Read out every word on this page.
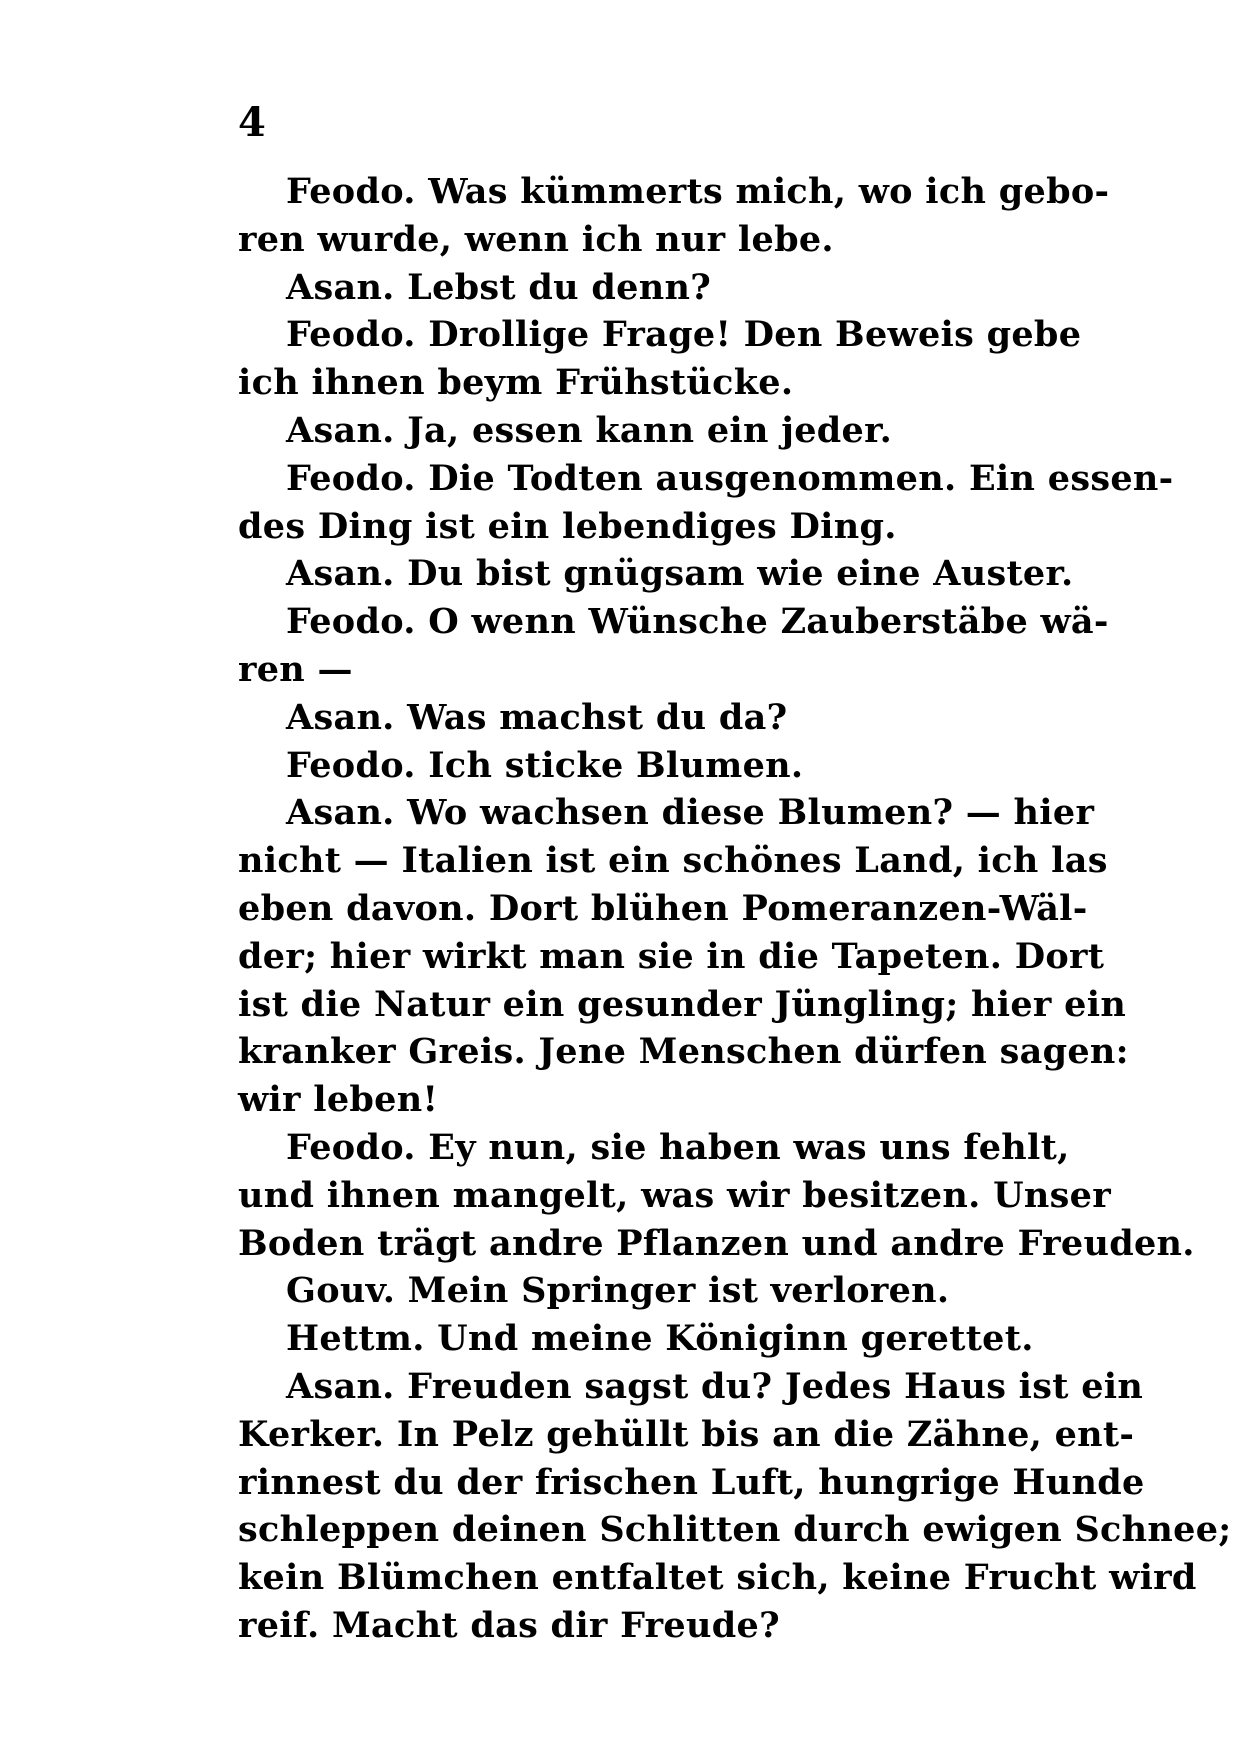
4
Feodo. Was kümmerts mich, wo ich gebo-
ren wurde, wenn ich nur lebe.
Asan. Lebst du denn?
Feodo. Drollige Frage! Den Beweis gebe
ich ihnen beym Frühstücke.
Asan. Ja, essen kann ein jeder.
Feodo. Die Todten ausgenommen. Ein essen-
des Ding ist ein lebendiges Ding.
Asan. Du bist gnügsam wie eine Auster.
Feodo. O wenn Wünsche Zauberstäbe wä-
ren —
Asan. Was machst du da?
Feodo. Ich sticke Blumen.
Asan. Wo wachsen diese Blumen? — hier
nicht — Italien ist ein schönes Land, ich las
eben davon. Dort blühen Pomeranzen-Wäl-
der; hier wirkt man sie in die Tapeten. Dort
ist die Natur ein gesunder Jüngling; hier ein
kranker Greis. Jene Menschen dürfen sagen:
wir leben!
Feodo. Ey nun, sie haben was uns fehlt,
und ihnen mangelt, was wir besitzen. Unser
Boden trägt andre Pflanzen und andre Freuden.
Gouv. Mein Springer ist verloren.
Hettm. Und meine Königinn gerettet.
Asan. Freuden sagst du? Jedes Haus ist ein
Kerker. In Pelz gehüllt bis an die Zähne, ent-
rinnest du der frischen Luft, hungrige Hunde
schleppen deinen Schlitten durch ewigen Schnee;
kein Blümchen entfaltet sich, keine Frucht wird
reif. Macht das dir Freude?
